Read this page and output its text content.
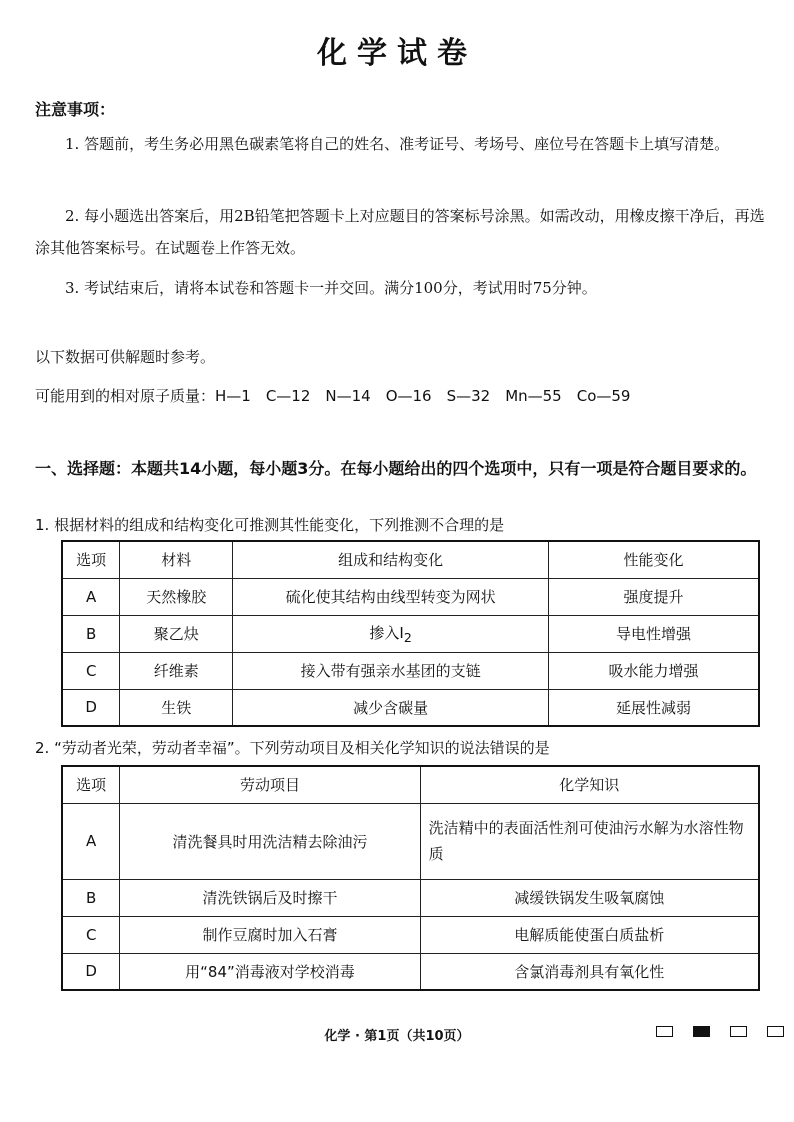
化学试卷
注意事项：
1. 答题前，考生务必用黑色碳素笔将自己的姓名、准考证号、考场号、座位号在答题卡上填写清楚。
2. 每小题选出答案后，用2B铅笔把答题卡上对应题目的答案标号涂黑。如需改动，用橡皮擦干净后，再选涂其他答案标号。在试题卷上作答无效。
3. 考试结束后，请将本试卷和答题卡一并交回。满分100分，考试用时75分钟。
以下数据可供解题时参考。
可能用到的相对原子质量：H—1　C—12　N—14　O—16　S—32　Mn—55　Co—59
一、选择题：本题共14小题，每小题3分。在每小题给出的四个选项中，只有一项是符合题目要求的。
1. 根据材料的组成和结构变化可推测其性能变化，下列推测不合理的是
选项	材料	组成和结构变化	性能变化
A	天然橡胶	硫化使其结构由线型转变为网状	强度提升
B	聚乙炔	掺入$I_2$	导电性增强
C	纤维素	接入带有强亲水基团的支链	吸水能力增强
D	生铁	减少含碳量	延展性减弱
2. “劳动者光荣，劳动者幸福”。下列劳动项目及相关化学知识的说法错误的是
选项	劳动项目	化学知识
A	清洗餐具时用洗洁精去除油污	洗洁精中的表面活性剂可使油污水解为水溶性物质
B	清洗铁锅后及时擦干	减缓铁锅发生吸氧腐蚀
C	制作豆腐时加入石膏	电解质能使蛋白质盐析
D	用“84”消毒液对学校消毒	含氯消毒剂具有氧化性
化学 · 第1页（共10页）
